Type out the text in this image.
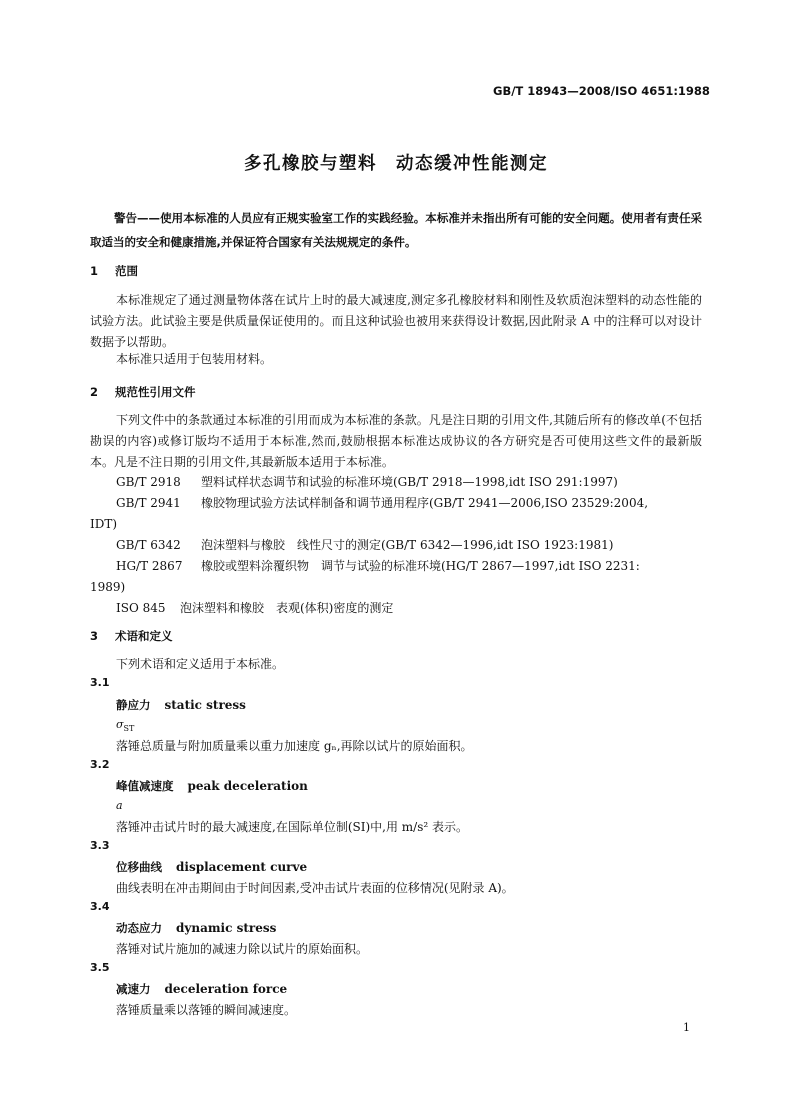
GB/T 18943—2008/ISO 4651:1988
多孔橡胶与塑料　动态缓冲性能测定
警告——使用本标准的人员应有正规实验室工作的实践经验。本标准并未指出所有可能的安全问题。使用者有责任采取适当的安全和健康措施,并保证符合国家有关法规规定的条件。
1 范围
本标准规定了通过测量物体落在试片上时的最大减速度,测定多孔橡胶材料和刚性及软质泡沫塑料的动态性能的试验方法。此试验主要是供质量保证使用的。而且这种试验也被用来获得设计数据,因此附录 A 中的注释可以对设计数据予以帮助。
本标准只适用于包装用材料。
2 规范性引用文件
下列文件中的条款通过本标准的引用而成为本标准的条款。凡是注日期的引用文件,其随后所有的修改单(不包括勘误的内容)或修订版均不适用于本标准,然而,鼓励根据本标准达成协议的各方研究是否可使用这些文件的最新版本。凡是不注日期的引用文件,其最新版本适用于本标准。
GB/T 2918 塑料试样状态调节和试验的标准环境(GB/T 2918—1998,idt ISO 291:1997)
GB/T 2941 橡胶物理试验方法试样制备和调节通用程序(GB/T 2941—2006,ISO 23529:2004,
IDT)
GB/T 6342 泡沫塑料与橡胶　线性尺寸的测定(GB/T 6342—1996,idt ISO 1923:1981)
HG/T 2867 橡胶或塑料涂覆织物　调节与试验的标准环境(HG/T 2867—1997,idt ISO 2231:
1989)
ISO 845 泡沫塑料和橡胶　表观(体积)密度的测定
3 术语和定义
下列术语和定义适用于本标准。
3.1
静应力 static stress
$\sigma_{ST}$
落锤总质量与附加质量乘以重力加速度 gₙ,再除以试片的原始面积。
3.2
峰值减速度 peak deceleration
a
落锤冲击试片时的最大减速度,在国际单位制(SI)中,用 m/s² 表示。
3.3
位移曲线 displacement curve
曲线表明在冲击期间由于时间因素,受冲击试片表面的位移情况(见附录 A)。
3.4
动态应力 dynamic stress
落锤对试片施加的减速力除以试片的原始面积。
3.5
减速力 deceleration force
落锤质量乘以落锤的瞬间减速度。
1
